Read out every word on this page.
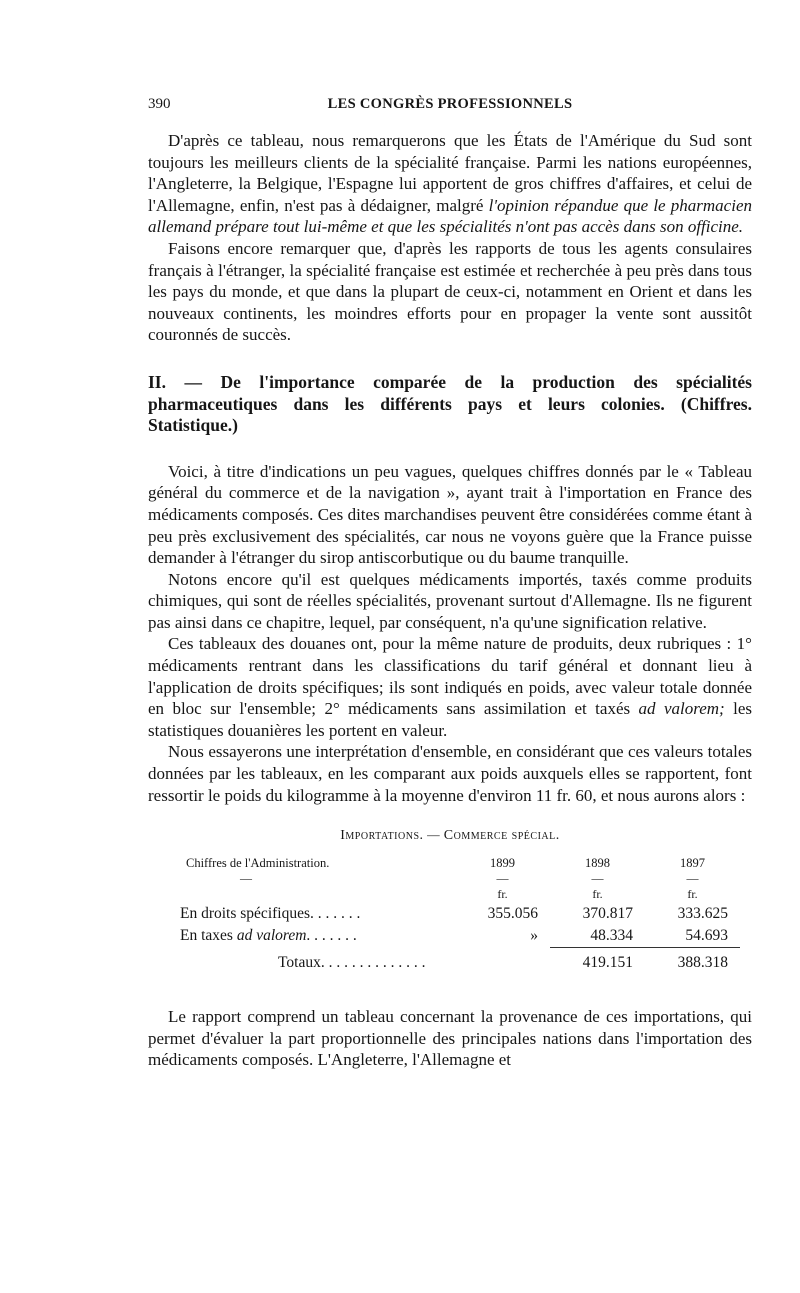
390	LES CONGRÈS PROFESSIONNELS

D'après ce tableau, nous remarquerons que les États de l'Amérique du Sud sont toujours les meilleurs clients de la spécialité française. Parmi les nations européennes, l'Angleterre, la Belgique, l'Espagne lui apportent de gros chiffres d'affaires, et celui de l'Allemagne, enfin, n'est pas à dédaigner, malgré l'opinion répandue que le pharmacien allemand prépare tout lui-même et que les spécialités n'ont pas accès dans son officine.

Faisons encore remarquer que, d'après les rapports de tous les agents consulaires français à l'étranger, la spécialité française est estimée et recherchée à peu près dans tous les pays du monde, et que dans la plupart de ceux-ci, notamment en Orient et dans les nouveaux continents, les moindres efforts pour en propager la vente sont aussitôt couronnés de succès.

II. — De l'importance comparée de la production des spécialités pharmaceutiques dans les différents pays et leurs colonies. (Chiffres. Statistique.)

Voici, à titre d'indications un peu vagues, quelques chiffres donnés par le « Tableau général du commerce et de la navigation », ayant trait à l'importation en France des médicaments composés. Ces dites marchandises peuvent être considérées comme étant à peu près exclusivement des spécialités, car nous ne voyons guère que la France puisse demander à l'étranger du sirop antiscorbutique ou du baume tranquille.

Notons encore qu'il est quelques médicaments importés, taxés comme produits chimiques, qui sont de réelles spécialités, provenant surtout d'Allemagne. Ils ne figurent pas ainsi dans ce chapitre, lequel, par conséquent, n'a qu'une signification relative.

Ces tableaux des douanes ont, pour la même nature de produits, deux rubriques : 1° médicaments rentrant dans les classifications du tarif général et donnant lieu à l'application de droits spécifiques; ils sont indiqués en poids, avec valeur totale donnée en bloc sur l'ensemble; 2° médicaments sans assimilation et taxés ad valorem; les statistiques douanières les portent en valeur.

Nous essayerons une interprétation d'ensemble, en considérant que ces valeurs totales données par les tableaux, en les comparant aux poids auxquels elles se rapportent, font ressortir le poids du kilogramme à la moyenne d'environ 11 fr. 60, et nous aurons alors :

Importations. — Commerce spécial.
Chiffres de l'Administration.	1899	1898	1897
—	—	—	—
	fr.	fr.	fr.
En droits spécifiques. . . . . . .	355.056	370.817	333.625
En taxes ad valorem. . . . . . .	»	48.334	54.693
Totaux. . . . . . . . . . . . . .		419.151	388.318

Le rapport comprend un tableau concernant la provenance de ces importations, qui permet d'évaluer la part proportionnelle des principales nations dans l'importation des médicaments composés. L'Angleterre, l'Allemagne et
